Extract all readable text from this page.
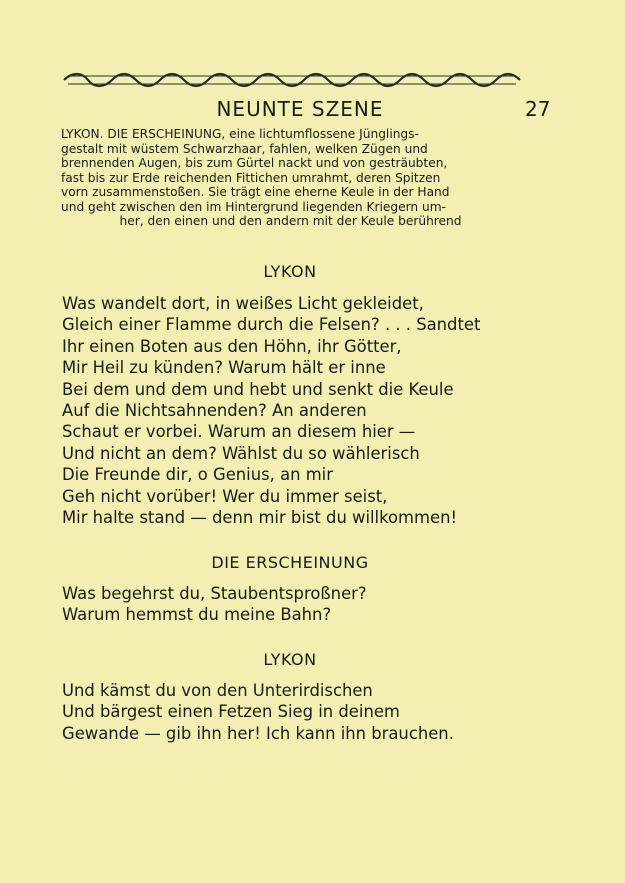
NEUNTE SZENE	27
LYKON. DIE ERSCHEINUNG, eine lichtumflossene Jünglings-
gestalt mit wüstem Schwarzhaar, fahlen, welken Zügen und
brennenden Augen, bis zum Gürtel nackt und von gesträubten,
fast bis zur Erde reichenden Fittichen umrahmt, deren Spitzen
vorn zusammenstoßen. Sie trägt eine eherne Keule in der Hand
und geht zwischen den im Hintergrund liegenden Kriegern um-
her, den einen und den andern mit der Keule berührend
LYKON
Was wandelt dort, in weißes Licht gekleidet,
Gleich einer Flamme durch die Felsen? . . . Sandtet
Ihr einen Boten aus den Höhn, ihr Götter,
Mir Heil zu künden? Warum hält er inne
Bei dem und dem und hebt und senkt die Keule
Auf die Nichtsahnenden? An anderen
Schaut er vorbei. Warum an diesem hier —
Und nicht an dem? Wählst du so wählerisch
Die Freunde dir, o Genius, an mir
Geh nicht vorüber! Wer du immer seist,
Mir halte stand — denn mir bist du willkommen!
DIE ERSCHEINUNG
Was begehrst du, Staubentsproßner?
Warum hemmst du meine Bahn?
LYKON
Und kämst du von den Unterirdischen
Und bärgest einen Fetzen Sieg in deinem
Gewande — gib ihn her! Ich kann ihn brauchen.
